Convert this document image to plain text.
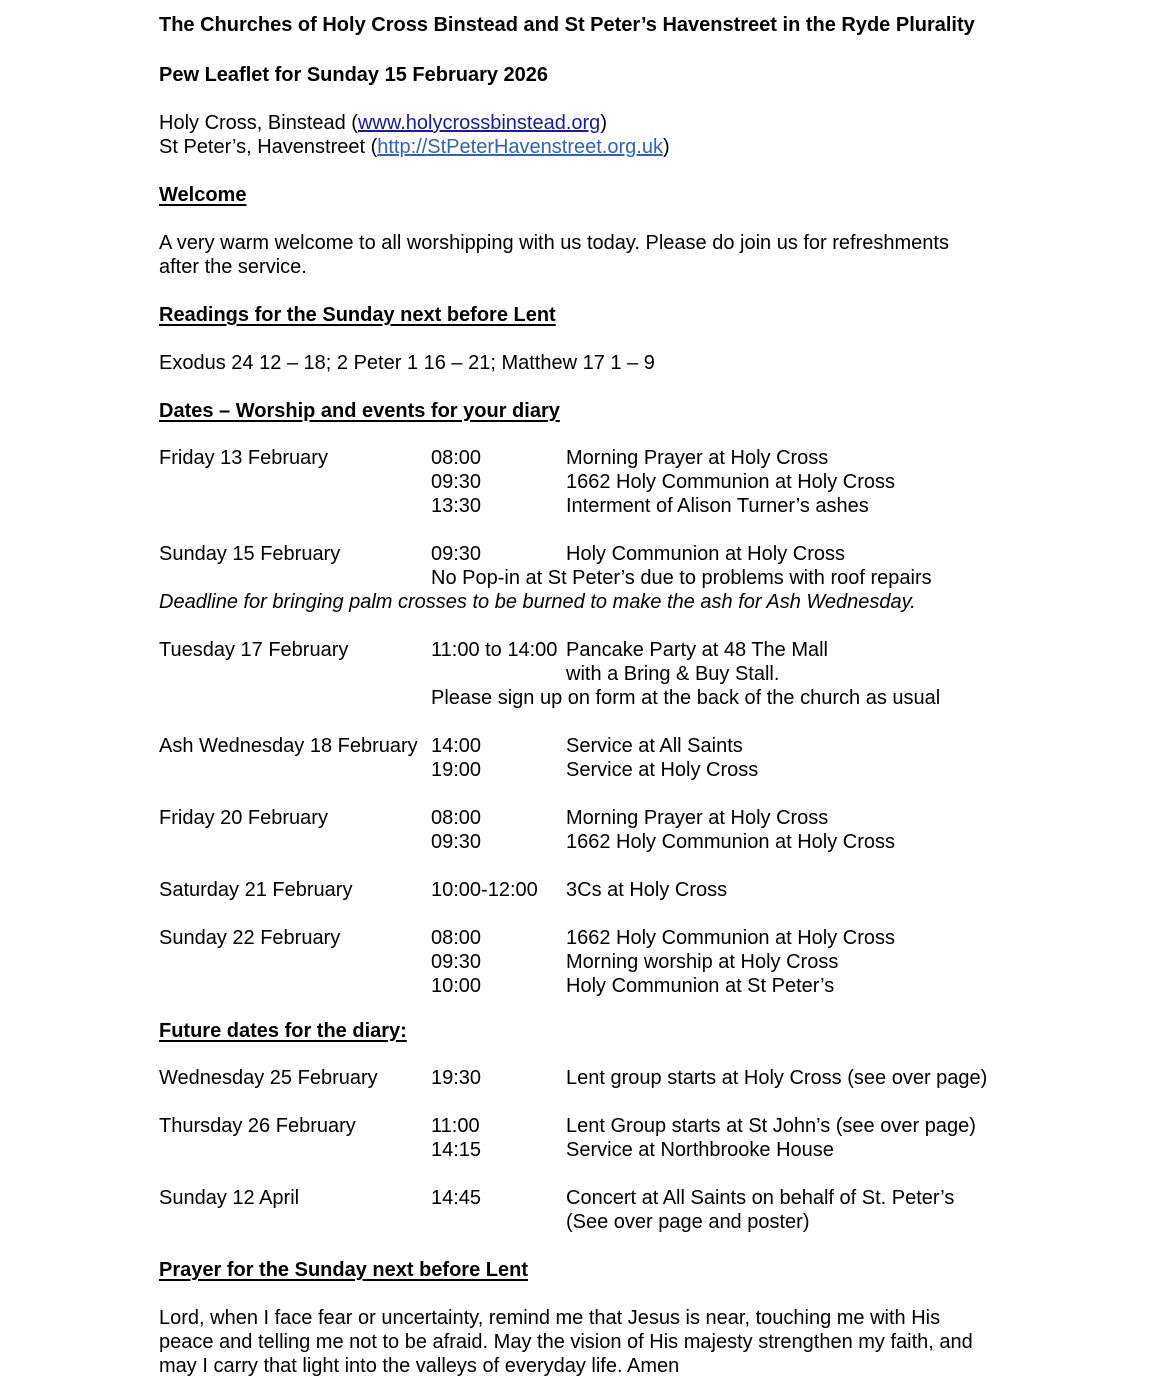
The Churches of Holy Cross Binstead and St Peter’s Havenstreet in the Ryde Plurality
Pew Leaflet for Sunday 15 February 2026
Holy Cross, Binstead (www.holycrossbinstead.org)
St Peter’s, Havenstreet (http://StPeterHavenstreet.org.uk)
Welcome
A very warm welcome to all worshipping with us today. Please do join us for refreshments
after the service.
Readings for the Sunday next before Lent
Exodus 24 12 – 18; 2 Peter 1 16 – 21; Matthew 17 1 – 9
Dates – Worship and events for your diary
Friday 13 February	08:00	Morning Prayer at Holy Cross
09:30	1662 Holy Communion at Holy Cross
13:30	Interment of Alison Turner’s ashes
Sunday 15 February	09:30	Holy Communion at Holy Cross
No Pop-in at St Peter’s due to problems with roof repairs
Deadline for bringing palm crosses to be burned to make the ash for Ash Wednesday.
Tuesday 17 February	11:00 to 14:00 Pancake Party at 48 The Mall
with a Bring & Buy Stall.
Please sign up on form at the back of the church as usual
Ash Wednesday 18 February 14:00	Service at All Saints
19:00	Service at Holy Cross
Friday 20 February	08:00	Morning Prayer at Holy Cross
09:30	1662 Holy Communion at Holy Cross
Saturday 21 February	10:00-12:00 3Cs at Holy Cross
Sunday 22 February	08:00	1662 Holy Communion at Holy Cross
09:30	Morning worship at Holy Cross
10:00	Holy Communion at St Peter’s
Future dates for the diary:
Wednesday 25 February	19:30	Lent group starts at Holy Cross (see over page)
Thursday 26 February	11:00	Lent Group starts at St John’s (see over page)
14:15	Service at Northbrooke House
Sunday 12 April	14:45	Concert at All Saints on behalf of St. Peter’s
(See over page and poster)
Prayer for the Sunday next before Lent
Lord, when I face fear or uncertainty, remind me that Jesus is near, touching me with His
peace and telling me not to be afraid. May the vision of His majesty strengthen my faith, and
may I carry that light into the valleys of everyday life. Amen
